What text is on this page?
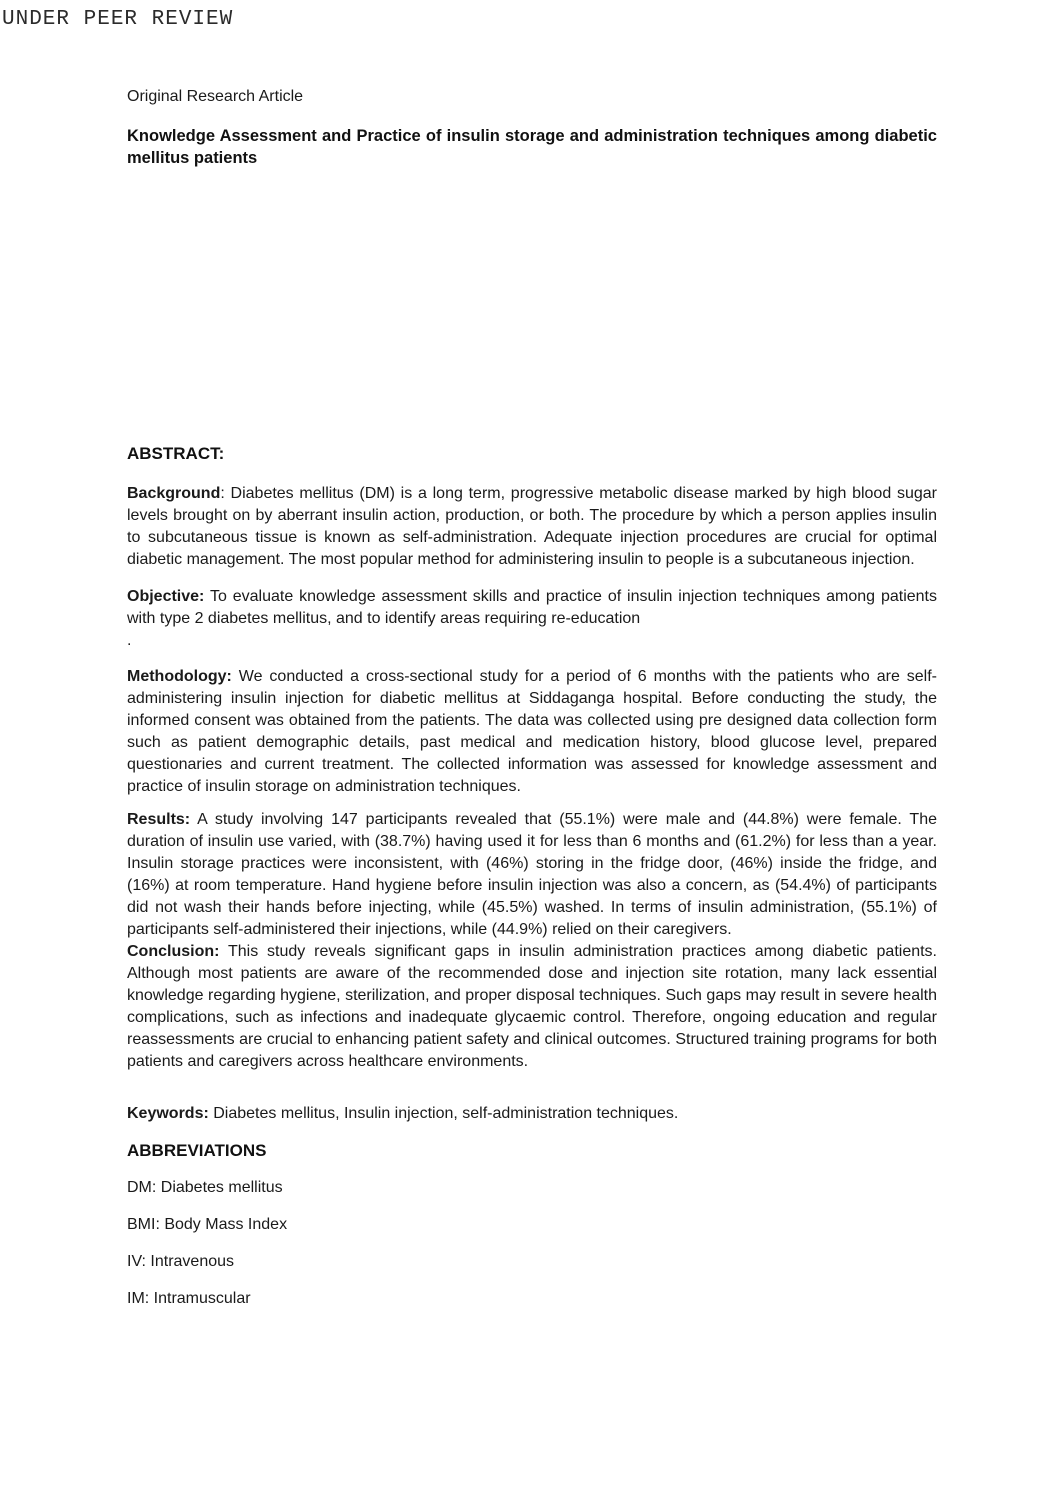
UNDER PEER REVIEW

Original Research Article

Knowledge Assessment and Practice of insulin storage and administration techniques among diabetic mellitus patients
ABSTRACT:

Background: Diabetes mellitus (DM) is a long term, progressive metabolic disease marked by high blood sugar levels brought on by aberrant insulin action, production, or both. The procedure by which a person applies insulin to subcutaneous tissue is known as self-administration. Adequate injection procedures are crucial for optimal diabetic management. The most popular method for administering insulin to people is a subcutaneous injection.

Objective: To evaluate knowledge assessment skills and practice of insulin injection techniques among patients with type 2 diabetes mellitus, and to identify areas requiring re-education
.

Methodology: We conducted a cross-sectional study for a period of 6 months with the patients who are self-administering insulin injection for diabetic mellitus at Siddaganga hospital. Before conducting the study, the informed consent was obtained from the patients. The data was collected using pre designed data collection form such as patient demographic details, past medical and medication history, blood glucose level, prepared questionaries and current treatment. The collected information was assessed for knowledge assessment and practice of insulin storage on administration techniques.

Results: A study involving 147 participants revealed that (55.1%) were male and (44.8%) were female. The duration of insulin use varied, with (38.7%) having used it for less than 6 months and (61.2%) for less than a year. Insulin storage practices were inconsistent, with (46%) storing in the fridge door, (46%) inside the fridge, and (16%) at room temperature. Hand hygiene before insulin injection was also a concern, as (54.4%) of participants did not wash their hands before injecting, while (45.5%) washed. In terms of insulin administration, (55.1%) of participants self-administered their injections, while (44.9%) relied on their caregivers.

Conclusion: This study reveals significant gaps in insulin administration practices among diabetic patients. Although most patients are aware of the recommended dose and injection site rotation, many lack essential knowledge regarding hygiene, sterilization, and proper disposal techniques. Such gaps may result in severe health complications, such as infections and inadequate glycaemic control. Therefore, ongoing education and regular reassessments are crucial to enhancing patient safety and clinical outcomes. Structured training programs for both patients and caregivers across healthcare environments.

Keywords: Diabetes mellitus, Insulin injection, self-administration techniques.

ABBREVIATIONS

DM: Diabetes mellitus

BMI: Body Mass Index

IV: Intravenous

IM: Intramuscular
